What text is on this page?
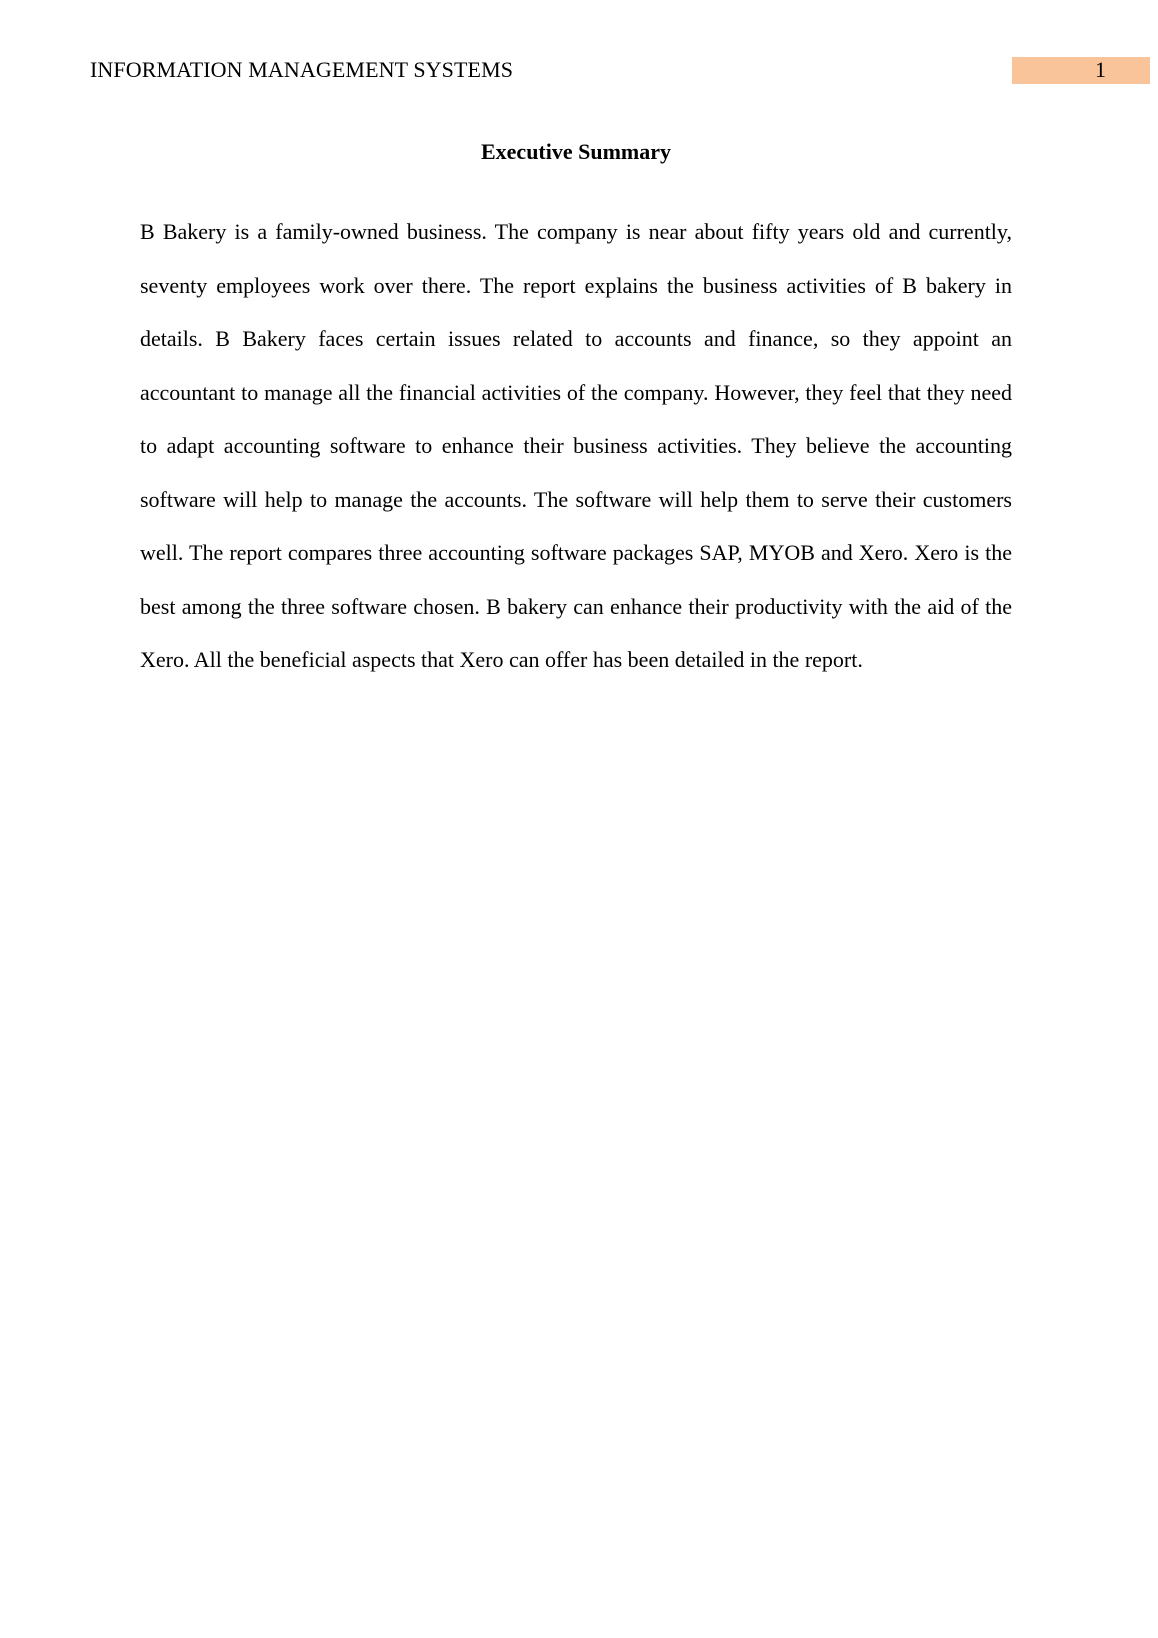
INFORMATION MANAGEMENT SYSTEMS	1
Executive Summary

B Bakery is a family-owned business. The company is near about fifty years old and currently, seventy employees work over there. The report explains the business activities of B bakery in details. B Bakery faces certain issues related to accounts and finance, so they appoint an accountant to manage all the financial activities of the company. However, they feel that they need to adapt accounting software to enhance their business activities. They believe the accounting software will help to manage the accounts. The software will help them to serve their customers well. The report compares three accounting software packages SAP, MYOB and Xero. Xero is the best among the three software chosen. B bakery can enhance their productivity with the aid of the Xero. All the beneficial aspects that Xero can offer has been detailed in the report.
